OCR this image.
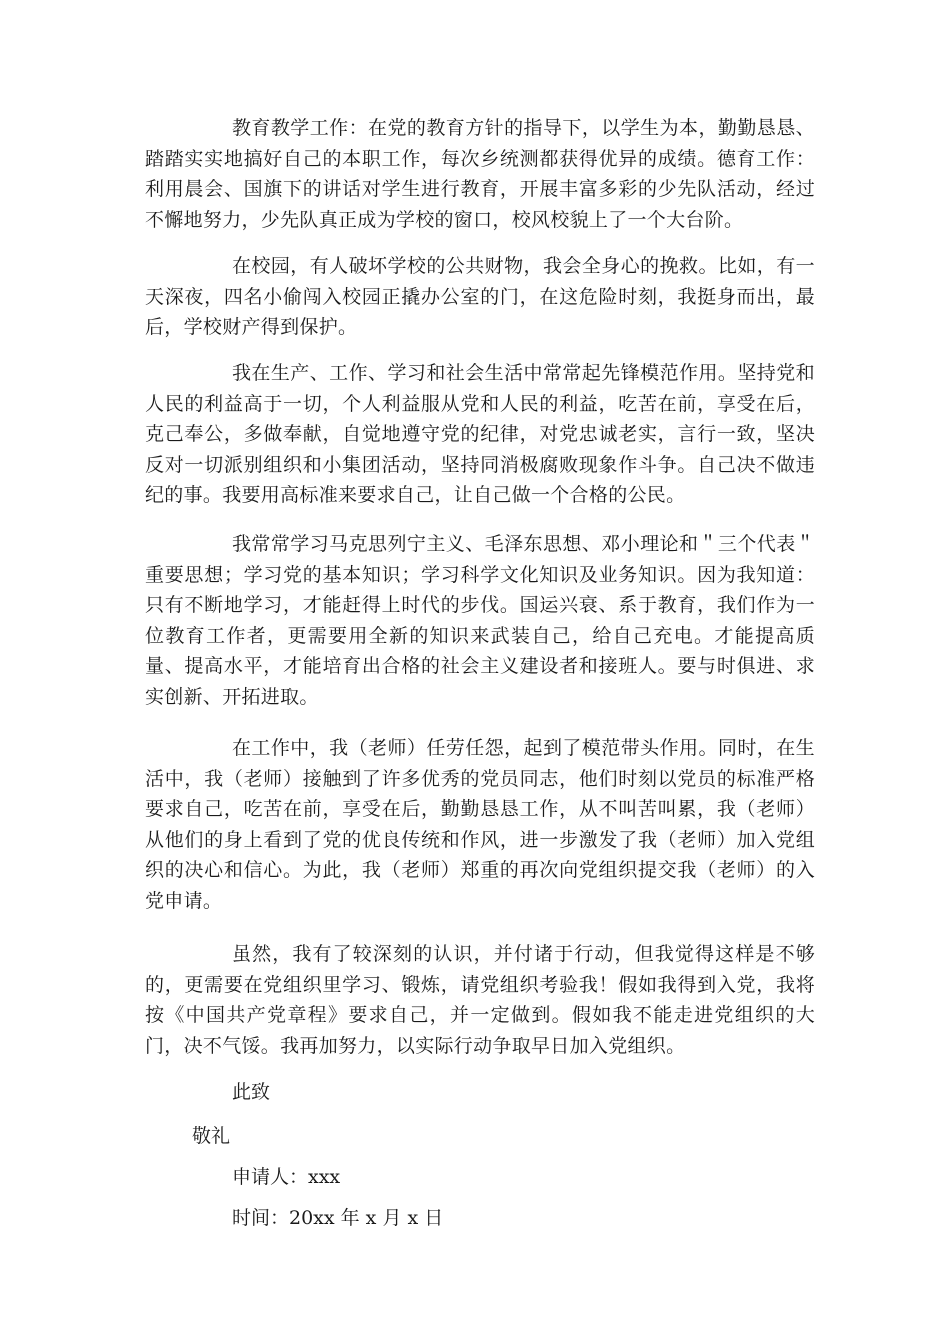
教育教学工作：在党的教育方针的指导下，以学生为本，勤勤恳恳、踏踏实实地搞好自己的本职工作，每次乡统测都获得优异的成绩。德育工作：利用晨会、国旗下的讲话对学生进行教育，开展丰富多彩的少先队活动，经过不懈地努力，少先队真正成为学校的窗口，校风校貌上了一个大台阶。

在校园，有人破坏学校的公共财物，我会全身心的挽救。比如，有一天深夜，四名小偷闯入校园正撬办公室的门，在这危险时刻，我挺身而出，最后，学校财产得到保护。

我在生产、工作、学习和社会生活中常常起先锋模范作用。坚持党和人民的利益高于一切，个人利益服从党和人民的利益，吃苦在前，享受在后，克己奉公，多做奉献，自觉地遵守党的纪律，对党忠诚老实，言行一致，坚决反对一切派别组织和小集团活动，坚持同消极腐败现象作斗争。自己决不做违纪的事。我要用高标准来要求自己，让自己做一个合格的公民。

我常常学习马克思列宁主义、毛泽东思想、邓小理论和＂三个代表＂重要思想；学习党的基本知识；学习科学文化知识及业务知识。因为我知道：只有不断地学习，才能赶得上时代的步伐。国运兴衰、系于教育，我们作为一位教育工作者，更需要用全新的知识来武装自己，给自己充电。才能提高质量、提高水平，才能培育出合格的社会主义建设者和接班人。要与时俱进、求实创新、开拓进取。

在工作中，我（老师）任劳任怨，起到了模范带头作用。同时，在生活中，我（老师）接触到了许多优秀的党员同志，他们时刻以党员的标准严格要求自己，吃苦在前，享受在后，勤勤恳恳工作，从不叫苦叫累，我（老师）从他们的身上看到了党的优良传统和作风，进一步激发了我（老师）加入党组织的决心和信心。为此，我（老师）郑重的再次向党组织提交我（老师）的入党申请。

虽然，我有了较深刻的认识，并付诸于行动，但我觉得这样是不够的，更需要在党组织里学习、锻炼，请党组织考验我！假如我得到入党，我将按《中国共产党章程》要求自己，并一定做到。假如我不能走进党组织的大门，决不气馁。我再加努力，以实际行动争取早日加入党组织。

此致
敬礼
申请人：xxx
时间：20xx 年 x 月 x 日
